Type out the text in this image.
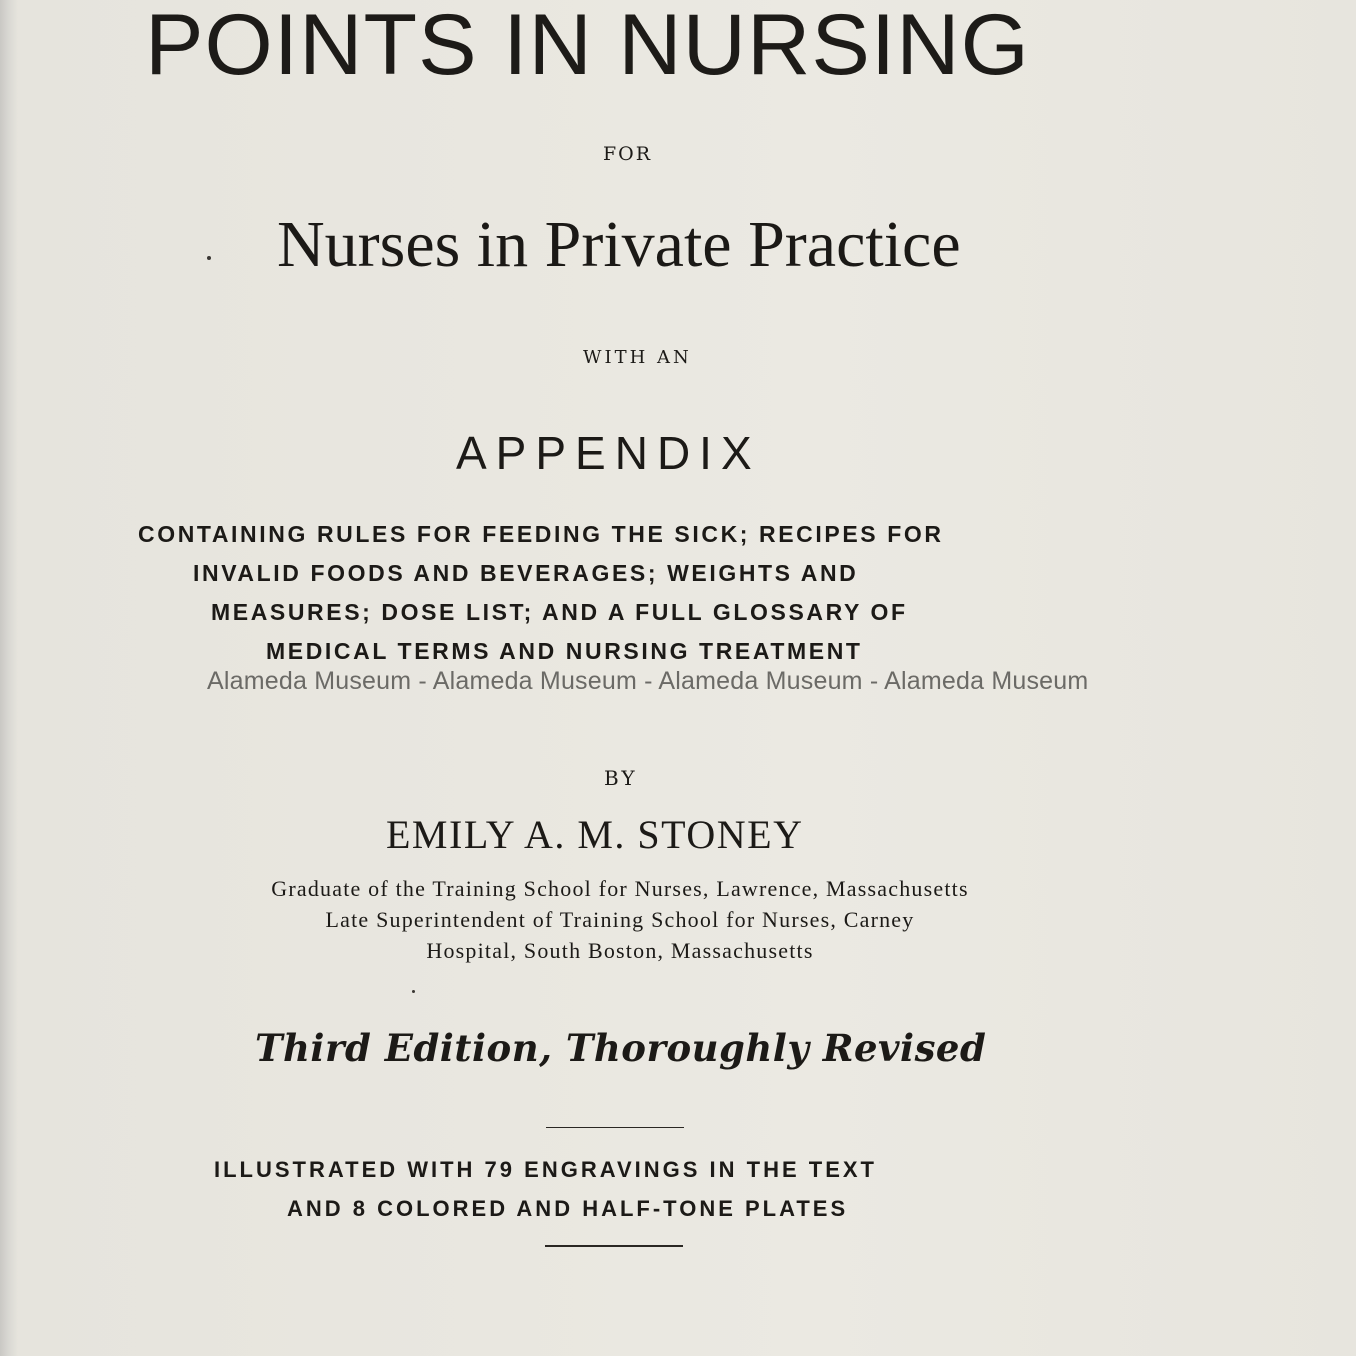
POINTS IN NURSING
FOR
Nurses in Private Practice
WITH AN
APPENDIX
CONTAINING RULES FOR FEEDING THE SICK; RECIPES FOR
INVALID FOODS AND BEVERAGES; WEIGHTS AND
MEASURES; DOSE LIST; AND A FULL GLOSSARY OF
MEDICAL TERMS AND NURSING TREATMENT
Alameda Museum - Alameda Museum - Alameda Museum - Alameda Museum
BY
EMILY A. M. STONEY
Graduate of the Training School for Nurses, Lawrence, Massachusetts
Late Superintendent of Training School for Nurses, Carney
Hospital, South Boston, Massachusetts
Third Edition, Thoroughly Revised
ILLUSTRATED WITH 79 ENGRAVINGS IN THE TEXT
AND 8 COLORED AND HALF-TONE PLATES
